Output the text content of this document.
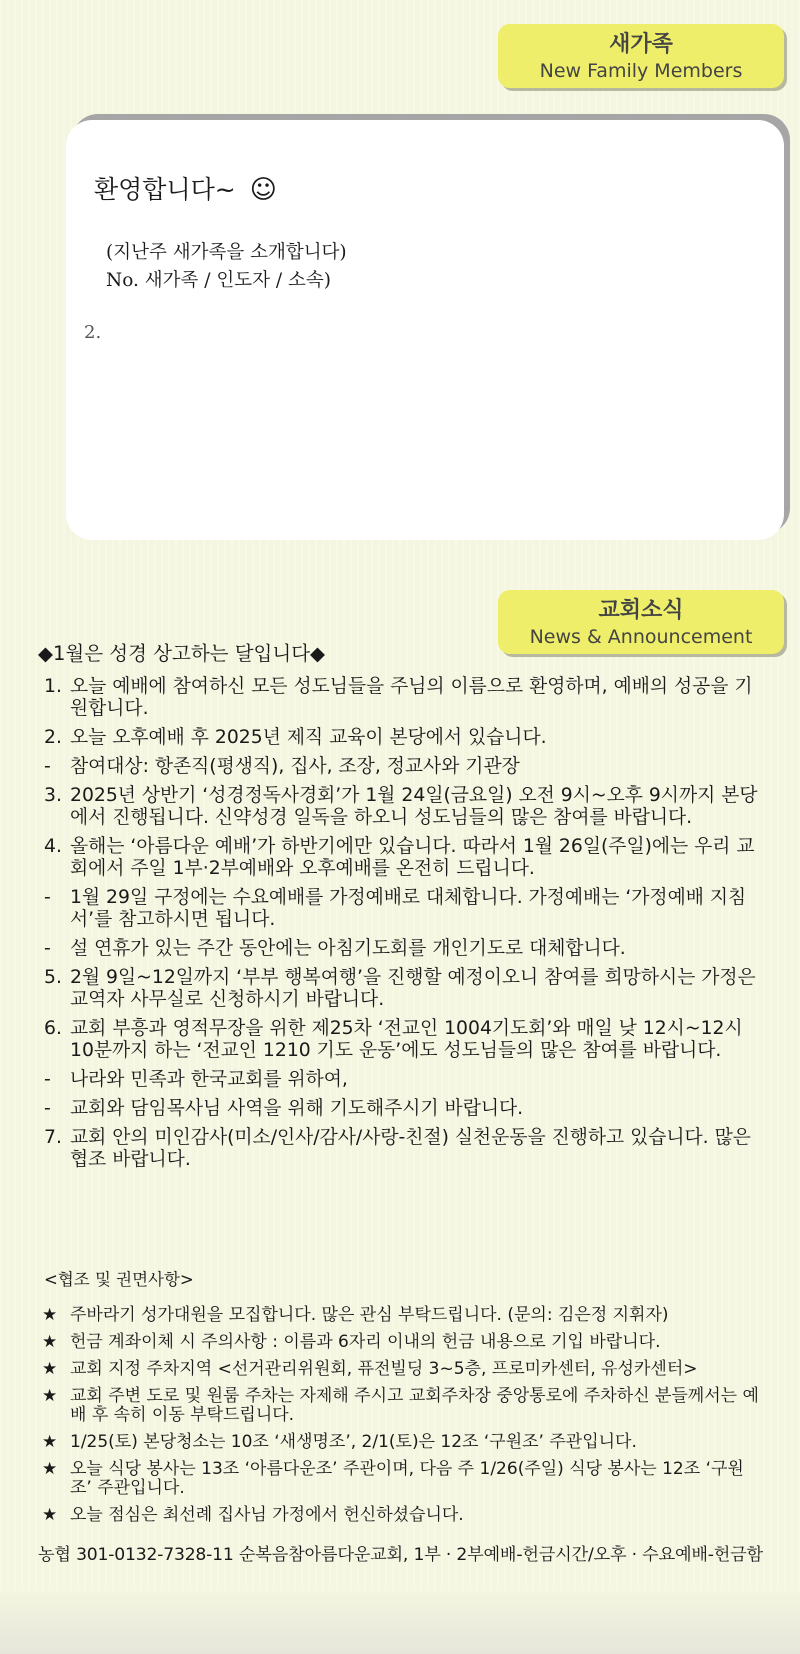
새가족
New Family Members
환영합니다~ ☺
(지난주 새가족을 소개합니다)
No. 새가족 / 인도자 / 소속)
2.
교회소식
News & Announcement
◆1월은 성경 상고하는 달입니다◆
1. 오늘 예배에 참여하신 모든 성도님들을 주님의 이름으로 환영하며, 예배의 성공을 기원합니다.
2. 오늘 오후예배 후 2025년 제직 교육이 본당에서 있습니다.
- 참여대상: 항존직(평생직), 집사, 조장, 정교사와 기관장
3. 2025년 상반기 ‘성경정독사경회’가 1월 24일(금요일) 오전 9시~오후 9시까지 본당에서 진행됩니다. 신약성경 일독을 하오니 성도님들의 많은 참여를 바랍니다.
4. 올해는 ‘아름다운 예배’가 하반기에만 있습니다. 따라서 1월 26일(주일)에는 우리 교회에서 주일 1부·2부예배와 오후예배를 온전히 드립니다.
- 1월 29일 구정에는 수요예배를 가정예배로 대체합니다. 가정예배는 ‘가정예배 지침서’를 참고하시면 됩니다.
- 설 연휴가 있는 주간 동안에는 아침기도회를 개인기도로 대체합니다.
5. 2월 9일~12일까지 ‘부부 행복여행’을 진행할 예정이오니 참여를 희망하시는 가정은 교역자 사무실로 신청하시기 바랍니다.
6. 교회 부흥과 영적무장을 위한 제25차 ‘전교인 1004기도회’와 매일 낮 12시~12시 10분까지 하는 ‘전교인 1210 기도 운동’에도 성도님들의 많은 참여를 바랍니다.
- 나라와 민족과 한국교회를 위하여,
- 교회와 담임목사님 사역을 위해 기도해주시기 바랍니다.
7. 교회 안의 미인감사(미소/인사/감사/사랑-친절) 실천운동을 진행하고 있습니다. 많은 협조 바랍니다.
<협조 및 권면사항>
★ 주바라기 성가대원을 모집합니다. 많은 관심 부탁드립니다. (문의: 김은정 지휘자)
★ 헌금 계좌이체 시 주의사항 : 이름과 6자리 이내의 헌금 내용으로 기입 바랍니다.
★ 교회 지정 주차지역 <선거관리위원회, 퓨전빌딩 3~5층, 프로미카센터, 유성카센터>
★ 교회 주변 도로 및 원룸 주차는 자제해 주시고 교회주차장 중앙통로에 주차하신 분들께서는 예배 후 속히 이동 부탁드립니다.
★ 1/25(토) 본당청소는 10조 ‘새생명조’, 2/1(토)은 12조 ‘구원조’ 주관입니다.
★ 오늘 식당 봉사는 13조 ‘아름다운조’ 주관이며, 다음 주 1/26(주일) 식당 봉사는 12조 ‘구원조’ 주관입니다.
★ 오늘 점심은 최선례 집사님 가정에서 헌신하셨습니다.
농협 301-0132-7328-11 순복음참아름다운교회, 1부 · 2부예배-헌금시간/오후 · 수요예배-헌금함
